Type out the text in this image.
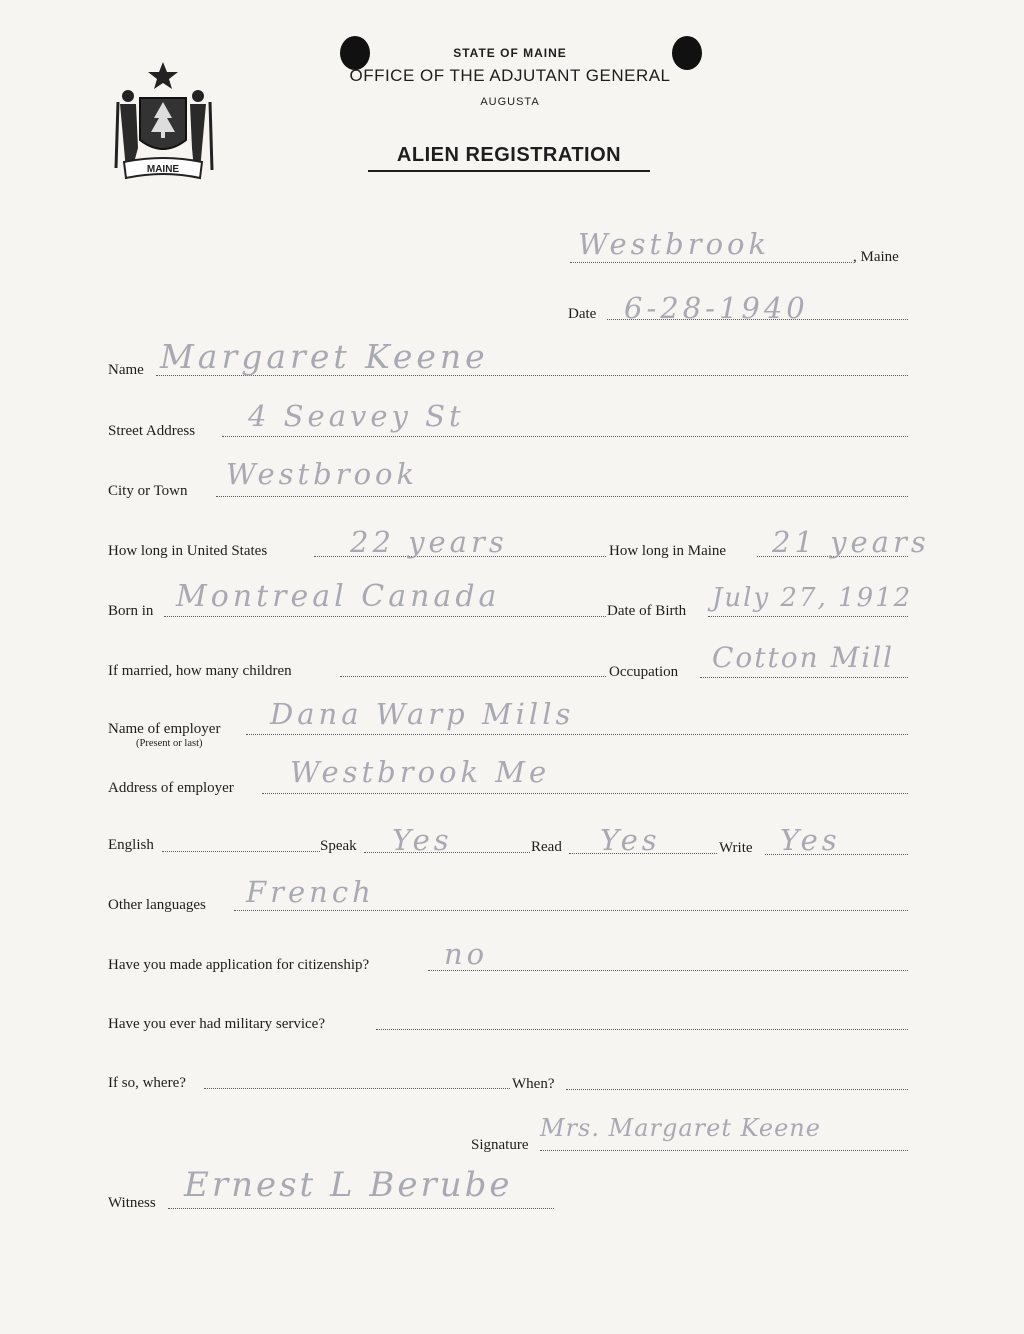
MAINE
STATE OF MAINE
OFFICE OF THE ADJUTANT GENERAL
AUGUSTA
ALIEN REGISTRATION
Westbrook	, Maine
Date 6-28-1940
Name Margaret Keene
Street Address 4 Seavey St
City or Town Westbrook
How long in United States	22 years	How long in Maine 21 years
Born in Montreal Canada	Date of Birth July 27, 1912
If married, how many children	Occupation Cotton Mill
Name of employer
(Present or last)
Dana Warp Mills
Address of employer Westbrook Me
English	Speak Yes	Read Yes	Write Yes
Other languages French
Have you made application for citizenship?	no
Have you ever had military service?
If so, where?	When?
Signature
Mrs. Margaret Keene
Witness Ernest L Berube
